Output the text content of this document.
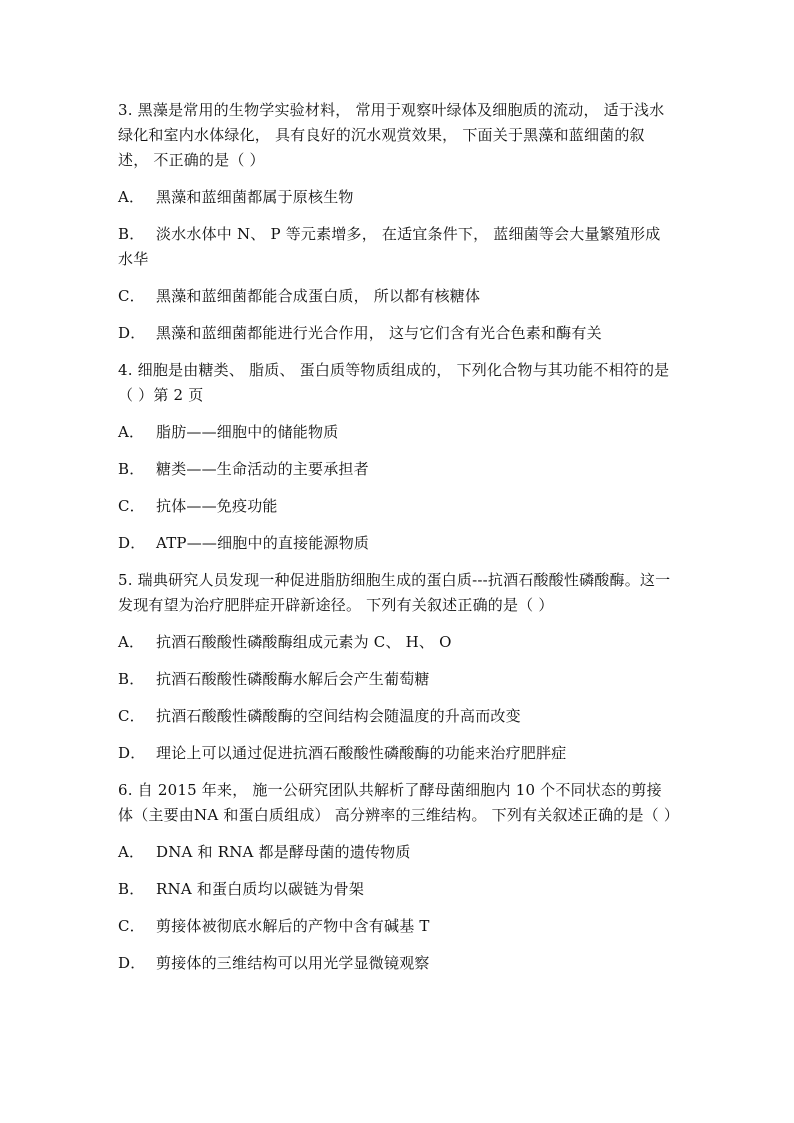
3. 黑藻是常用的生物学实验材料， 常用于观察叶绿体及细胞质的流动， 适于浅水绿化和室内水体绿化， 具有良好的沉水观赏效果， 下面关于黑藻和蓝细菌的叙述， 不正确的是（ ）

A． 黑藻和蓝细菌都属于原核生物

B． 淡水水体中 N、 P 等元素增多， 在适宜条件下， 蓝细菌等会大量繁殖形成水华

C． 黑藻和蓝细菌都能合成蛋白质， 所以都有核糖体

D． 黑藻和蓝细菌都能进行光合作用， 这与它们含有光合色素和酶有关

4. 细胞是由糖类、 脂质、 蛋白质等物质组成的， 下列化合物与其功能不相符的是（ ）第 2 页

A． 脂肪——细胞中的储能物质

B． 糖类——生命活动的主要承担者

C． 抗体——免疫功能

D． ATP——细胞中的直接能源物质

5. 瑞典研究人员发现一种促进脂肪细胞生成的蛋白质---抗酒石酸酸性磷酸酶。这一发现有望为治疗肥胖症开辟新途径。 下列有关叙述正确的是（ ）

A． 抗酒石酸酸性磷酸酶组成元素为 C、 H、 O

B． 抗酒石酸酸性磷酸酶水解后会产生葡萄糖

C． 抗酒石酸酸性磷酸酶的空间结构会随温度的升高而改变

D． 理论上可以通过促进抗酒石酸酸性磷酸酶的功能来治疗肥胖症

6. 自 2015 年来， 施一公研究团队共解析了酵母菌细胞内 10 个不同状态的剪接体（主要由NA 和蛋白质组成） 高分辨率的三维结构。 下列有关叙述正确的是（ ）

A． DNA 和 RNA 都是酵母菌的遗传物质

B． RNA 和蛋白质均以碳链为骨架

C． 剪接体被彻底水解后的产物中含有碱基 T

D． 剪接体的三维结构可以用光学显微镜观察
